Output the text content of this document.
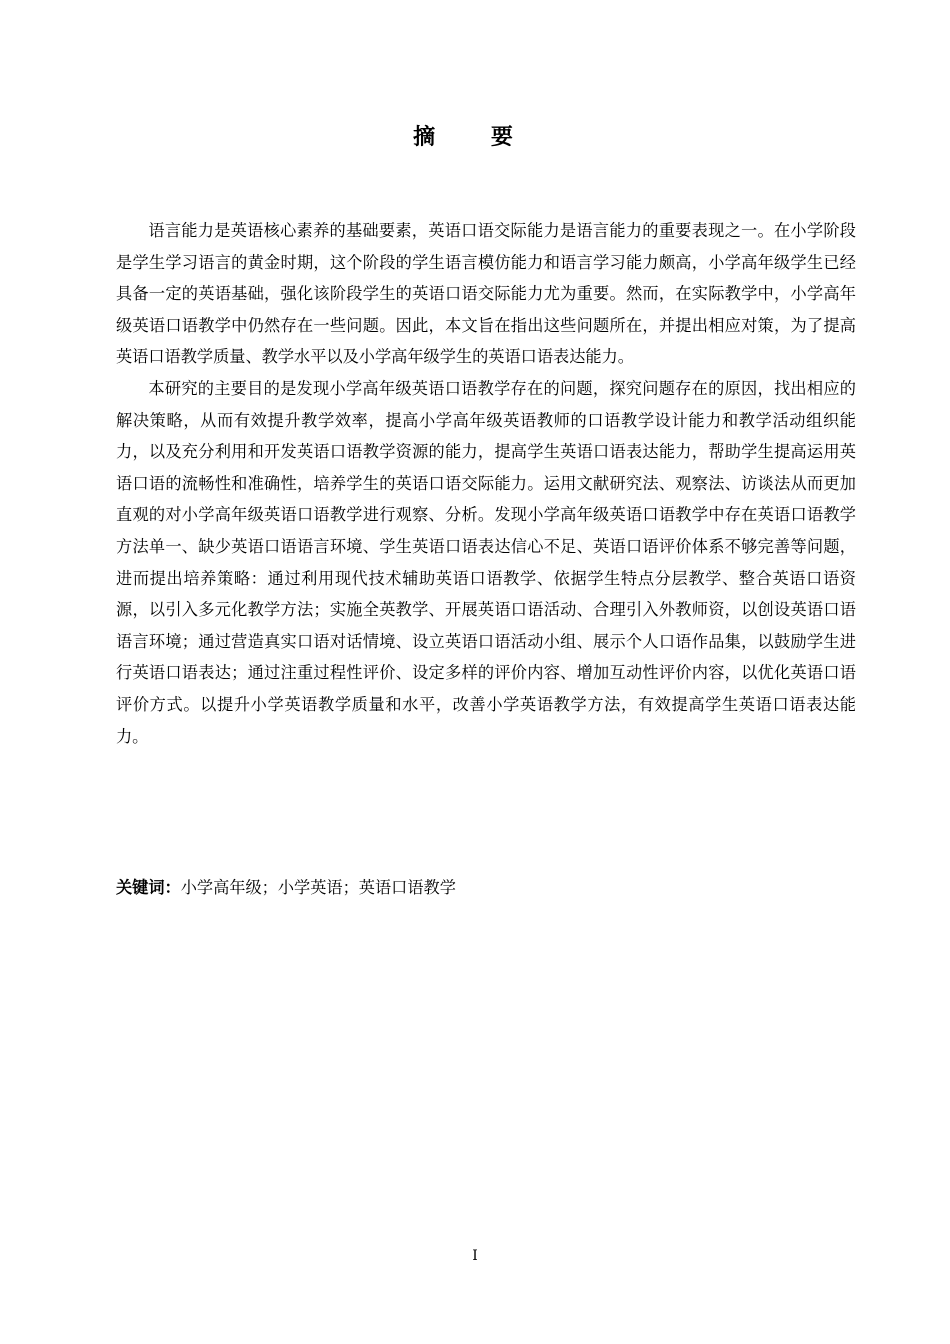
摘 要

语言能力是英语核心素养的基础要素，英语口语交际能力是语言能力的重要表现之一。在小学阶段是学生学习语言的黄金时期，这个阶段的学生语言模仿能力和语言学习能力颇高，小学高年级学生已经具备一定的英语基础，强化该阶段学生的英语口语交际能力尤为重要。然而，在实际教学中，小学高年级英语口语教学中仍然存在一些问题。因此，本文旨在指出这些问题所在，并提出相应对策，为了提高英语口语教学质量、教学水平以及小学高年级学生的英语口语表达能力。

本研究的主要目的是发现小学高年级英语口语教学存在的问题，探究问题存在的原因，找出相应的解决策略，从而有效提升教学效率，提高小学高年级英语教师的口语教学设计能力和教学活动组织能力，以及充分利用和开发英语口语教学资源的能力，提高学生英语口语表达能力，帮助学生提高运用英语口语的流畅性和准确性，培养学生的英语口语交际能力。运用文献研究法、观察法、访谈法从而更加直观的对小学高年级英语口语教学进行观察、分析。发现小学高年级英语口语教学中存在英语口语教学方法单一、缺少英语口语语言环境、学生英语口语表达信心不足、英语口语评价体系不够完善等问题，进而提出培养策略：通过利用现代技术辅助英语口语教学、依据学生特点分层教学、整合英语口语资源，以引入多元化教学方法；实施全英教学、开展英语口语活动、合理引入外教师资，以创设英语口语语言环境；通过营造真实口语对话情境、设立英语口语活动小组、展示个人口语作品集，以鼓励学生进行英语口语表达；通过注重过程性评价、设定多样的评价内容、增加互动性评价内容，以优化英语口语评价方式。以提升小学英语教学质量和水平，改善小学英语教学方法，有效提高学生英语口语表达能力。

关键词：小学高年级；小学英语；英语口语教学
I
